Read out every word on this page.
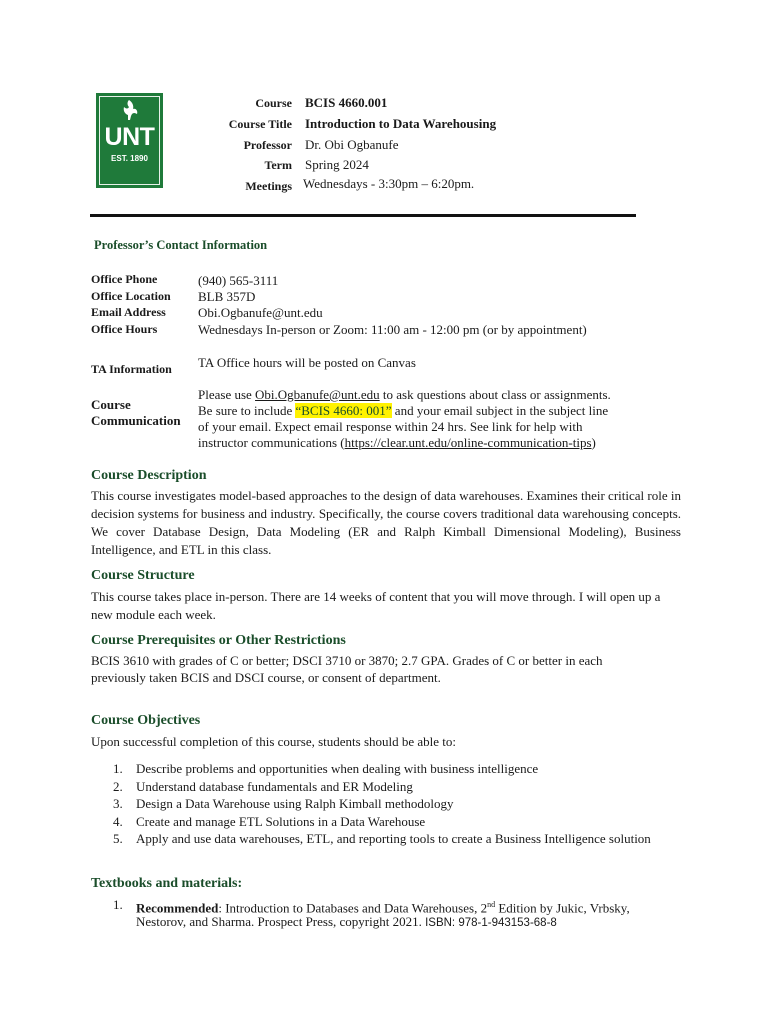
UNT
EST. 1890
Course BCIS 4660.001
Course Title Introduction to Data Warehousing
Professor Dr. Obi Ogbanufe
Term Spring 2024
Meetings Wednesdays - 3:30pm – 6:20pm.
Professor’s Contact Information
Office Phone	(940) 565-3111
Office Location BLB 357D
Email Address Obi.Ogbanufe@unt.edu
Office Hours	Wednesdays In-person or Zoom: 11:00 am - 12:00 pm (or by appointment)
TA Information TA Office hours will be posted on Canvas
Course
Communication
Please use Obi.Ogbanufe@unt.edu to ask questions about class or assignments.
Be sure to include “BCIS 4660: 001” and your email subject in the subject line
of your email. Expect email response within 24 hrs. See link for help with
instructor communications (https://clear.unt.edu/online-communication-tips)
Course Description
This course investigates model-based approaches to the design of data warehouses. Examines their critical role in decision systems for business and industry. Specifically, the course covers traditional data warehousing concepts. We cover Database Design, Data Modeling (ER and Ralph Kimball Dimensional Modeling), Business Intelligence, and ETL in this class.
Course Structure
This course takes place in-person. There are 14 weeks of content that you will move through. I will open up a new module each week.
Course Prerequisites or Other Restrictions
BCIS 3610 with grades of C or better; DSCI 3710 or 3870; 2.7 GPA. Grades of C or better in each previously taken BCIS and DSCI course, or consent of department.
Course Objectives
Upon successful completion of this course, students should be able to:
1. Describe problems and opportunities when dealing with business intelligence
2. Understand database fundamentals and ER Modeling
3. Design a Data Warehouse using Ralph Kimball methodology
4. Create and manage ETL Solutions in a Data Warehouse
5. Apply and use data warehouses, ETL, and reporting tools to create a Business Intelligence solution
Textbooks and materials:
1. Recommended: Introduction to Databases and Data Warehouses, 2nd Edition by Jukic, Vrbsky,
Nestorov, and Sharma. Prospect Press, copyright 2021. ISBN: 978-1-943153-68-8
